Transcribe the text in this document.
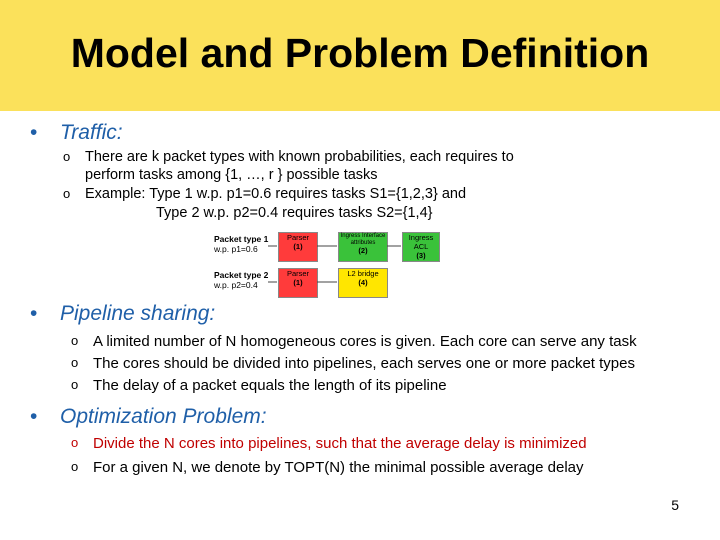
Model and Problem Definition
• Traffic:
o There are k packet types with known probabilities, each requires to
perform tasks among {1, …, r } possible tasks
o Example: Type 1 w.p. p1=0.6 requires tasks S1={1,2,3} and
Type 2 w.p. p2=0.4 requires tasks S2={1,4}
Packet type 1
w.p. p1=0.6
Packet type 2
w.p. p2=0.4
Parser
(1)
Parser
(1)
Ingress Interface attributes
(2)
Ingress ACL
(3)
L2 bridge
(4)
• Pipeline sharing:
o A limited number of N homogeneous cores is given. Each core can serve any task
o The cores should be divided into pipelines, each serves one or more packet types
o The delay of a packet equals the length of its pipeline
• Optimization Problem:
o Divide the N cores into pipelines, such that the average delay is minimized
o For a given N, we denote by TOPT(N) the minimal possible average delay
5
